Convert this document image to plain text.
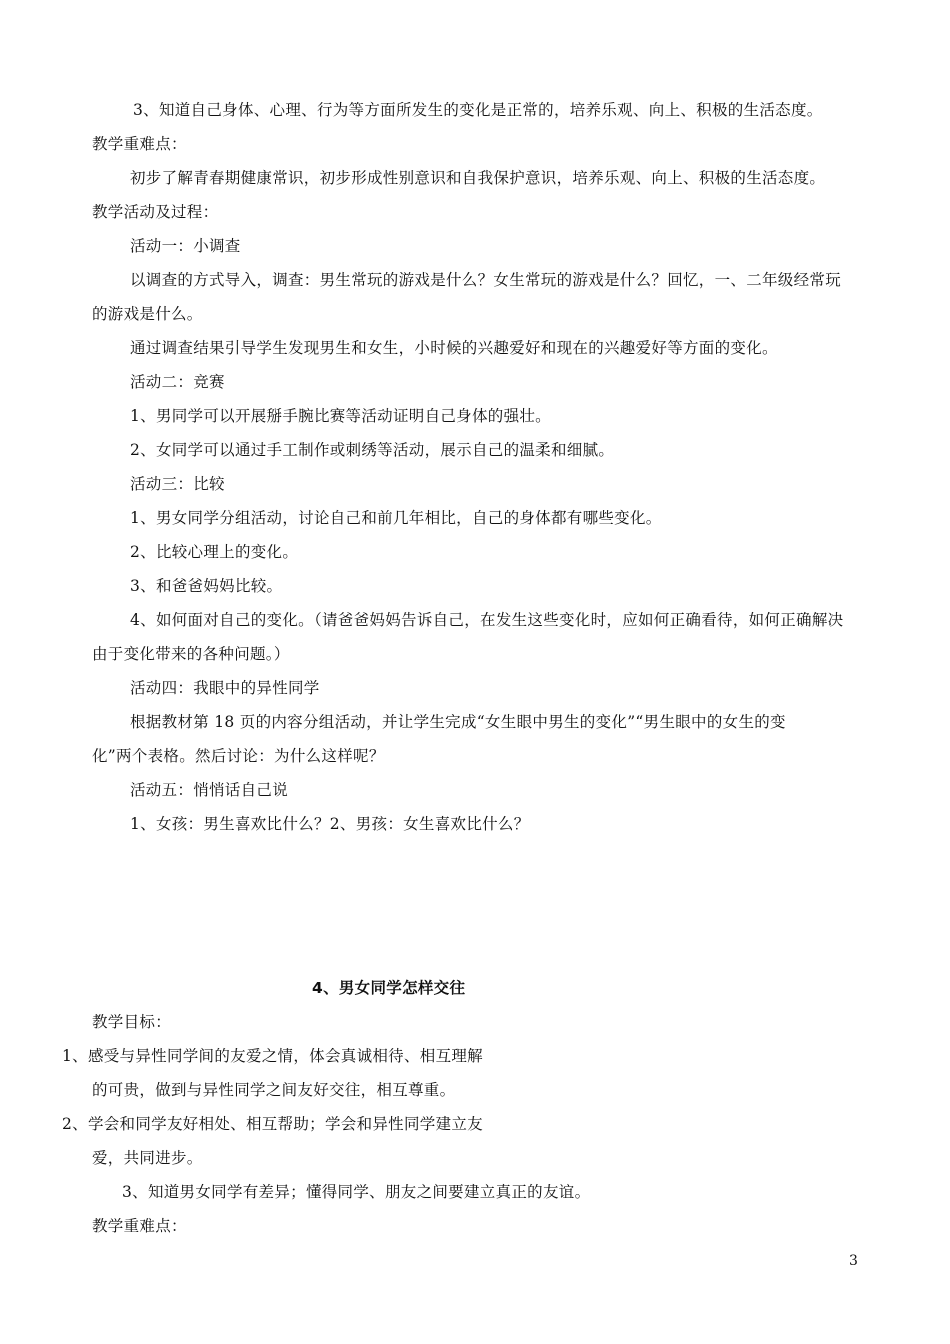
3、知道自己身体、心理、行为等方面所发生的变化是正常的，培养乐观、向上、积极的生活态度。
教学重难点：
初步了解青春期健康常识，初步形成性别意识和自我保护意识，培养乐观、向上、积极的生活态度。
教学活动及过程：
活动一：小调查
以调查的方式导入，调查：男生常玩的游戏是什么？女生常玩的游戏是什么？回忆，一、二年级经常玩
的游戏是什么。
通过调查结果引导学生发现男生和女生，小时候的兴趣爱好和现在的兴趣爱好等方面的变化。
活动二：竞赛
1、男同学可以开展掰手腕比赛等活动证明自己身体的强壮。
2、女同学可以通过手工制作或刺绣等活动，展示自己的温柔和细腻。
活动三：比较
1、男女同学分组活动，讨论自己和前几年相比，自己的身体都有哪些变化。
2、比较心理上的变化。
3、和爸爸妈妈比较。
4、如何面对自己的变化。（请爸爸妈妈告诉自己，在发生这些变化时，应如何正确看待，如何正确解决
由于变化带来的各种问题。）
活动四：我眼中的异性同学
根据教材第 18 页的内容分组活动，并让学生完成“女生眼中男生的变化”“男生眼中的女生的变
化”两个表格。然后讨论：为什么这样呢？
活动五：悄悄话自己说
1、女孩：男生喜欢比什么？2、男孩：女生喜欢比什么？
4、男女同学怎样交往
教学目标：
1、感受与异性同学间的友爱之情，体会真诚相待、相互理解
的可贵，做到与异性同学之间友好交往，相互尊重。
2、学会和同学友好相处、相互帮助；学会和异性同学建立友
爱，共同进步。
3、知道男女同学有差异；懂得同学、朋友之间要建立真正的友谊。
教学重难点：
3
